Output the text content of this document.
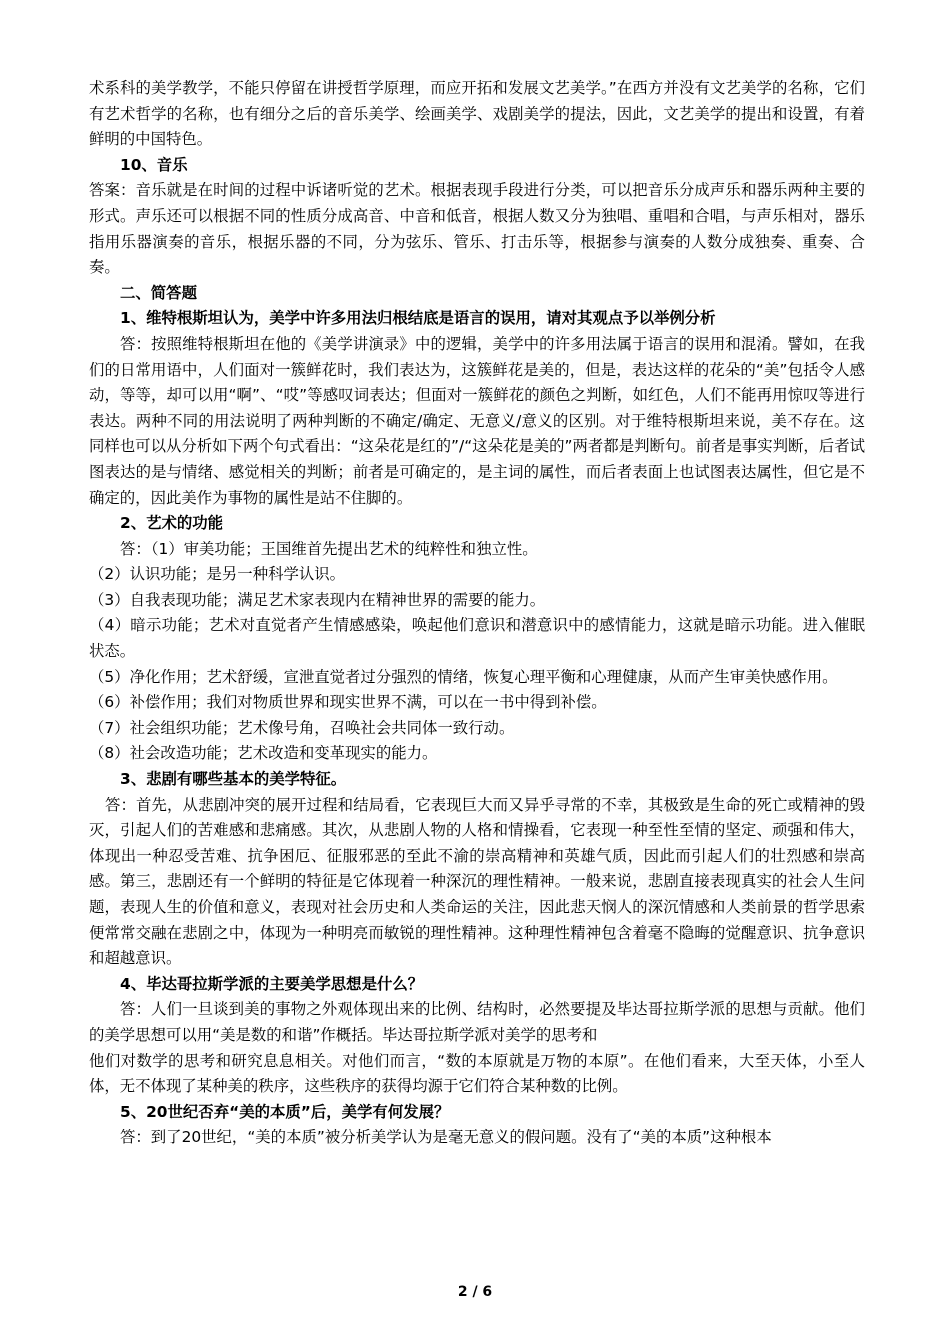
术系科的美学教学，不能只停留在讲授哲学原理，而应开拓和发展文艺美学。”在西方并没有文艺美学的名称，它们有艺术哲学的名称，也有细分之后的音乐美学、绘画美学、戏剧美学的提法，因此，文艺美学的提出和设置，有着鲜明的中国特色。

10、音乐

答案：音乐就是在时间的过程中诉诸听觉的艺术。根据表现手段进行分类，可以把音乐分成声乐和器乐两种主要的形式。声乐还可以根据不同的性质分成高音、中音和低音，根据人数又分为独唱、重唱和合唱，与声乐相对，器乐指用乐器演奏的音乐，根据乐器的不同，分为弦乐、管乐、打击乐等，根据参与演奏的人数分成独奏、重奏、合奏。

二、简答题

1、维特根斯坦认为，美学中许多用法归根结底是语言的误用，请对其观点予以举例分析

答：按照维特根斯坦在他的《美学讲演录》中的逻辑，美学中的许多用法属于语言的误用和混淆。譬如，在我们的日常用语中，人们面对一簇鲜花时，我们表达为，这簇鲜花是美的，但是，表达这样的花朵的“美”包括令人感动，等等，却可以用“啊”、“哎”等感叹词表达；但面对一簇鲜花的颜色之判断，如红色，人们不能再用惊叹等进行表达。两种不同的用法说明了两种判断的不确定/确定、无意义/意义的区别。对于维特根斯坦来说，美不存在。这同样也可以从分析如下两个句式看出：“这朵花是红的”/“这朵花是美的”两者都是判断句。前者是事实判断，后者试图表达的是与情绪、感觉相关的判断；前者是可确定的，是主词的属性，而后者表面上也试图表达属性，但它是不确定的，因此美作为事物的属性是站不住脚的。

2、艺术的功能

答：（1）审美功能；王国维首先提出艺术的纯粹性和独立性。

（2）认识功能；是另一种科学认识。

（3）自我表现功能；满足艺术家表现内在精神世界的需要的能力。

（4）暗示功能；艺术对直觉者产生情感感染，唤起他们意识和潜意识中的感情能力，这就是暗示功能。进入催眠状态。

（5）净化作用；艺术舒缓，宣泄直觉者过分强烈的情绪，恢复心理平衡和心理健康，从而产生审美快感作用。

（6）补偿作用；我们对物质世界和现实世界不满，可以在一书中得到补偿。

（7）社会组织功能；艺术像号角，召唤社会共同体一致行动。

（8）社会改造功能；艺术改造和变革现实的能力。

3、悲剧有哪些基本的美学特征。

答：首先，从悲剧冲突的展开过程和结局看，它表现巨大而又异乎寻常的不幸，其极致是生命的死亡或精神的毁灭，引起人们的苦难感和悲痛感。其次，从悲剧人物的人格和情操看，它表现一种至性至情的坚定、顽强和伟大，体现出一种忍受苦难、抗争困厄、征服邪恶的至此不渝的崇高精神和英雄气质，因此而引起人们的壮烈感和崇高感。第三，悲剧还有一个鲜明的特征是它体现着一种深沉的理性精神。一般来说，悲剧直接表现真实的社会人生问题，表现人生的价值和意义，表现对社会历史和人类命运的关注，因此悲天悯人的深沉情感和人类前景的哲学思索便常常交融在悲剧之中，体现为一种明亮而敏锐的理性精神。这种理性精神包含着毫不隐晦的觉醒意识、抗争意识和超越意识。

4、毕达哥拉斯学派的主要美学思想是什么？

答：人们一旦谈到美的事物之外观体现出来的比例、结构时，必然要提及毕达哥拉斯学派的思想与贡献。他们的美学思想可以用“美是数的和谐”作概括。毕达哥拉斯学派对美学的思考和

他们对数学的思考和研究息息相关。对他们而言，“数的本原就是万物的本原”。在他们看来，大至天体，小至人体，无不体现了某种美的秩序，这些秩序的获得均源于它们符合某种数的比例。

5、20世纪否弃“美的本质”后，美学有何发展？

答：到了20世纪，“美的本质”被分析美学认为是毫无意义的假问题。没有了“美的本质”这种根本

2 / 6
